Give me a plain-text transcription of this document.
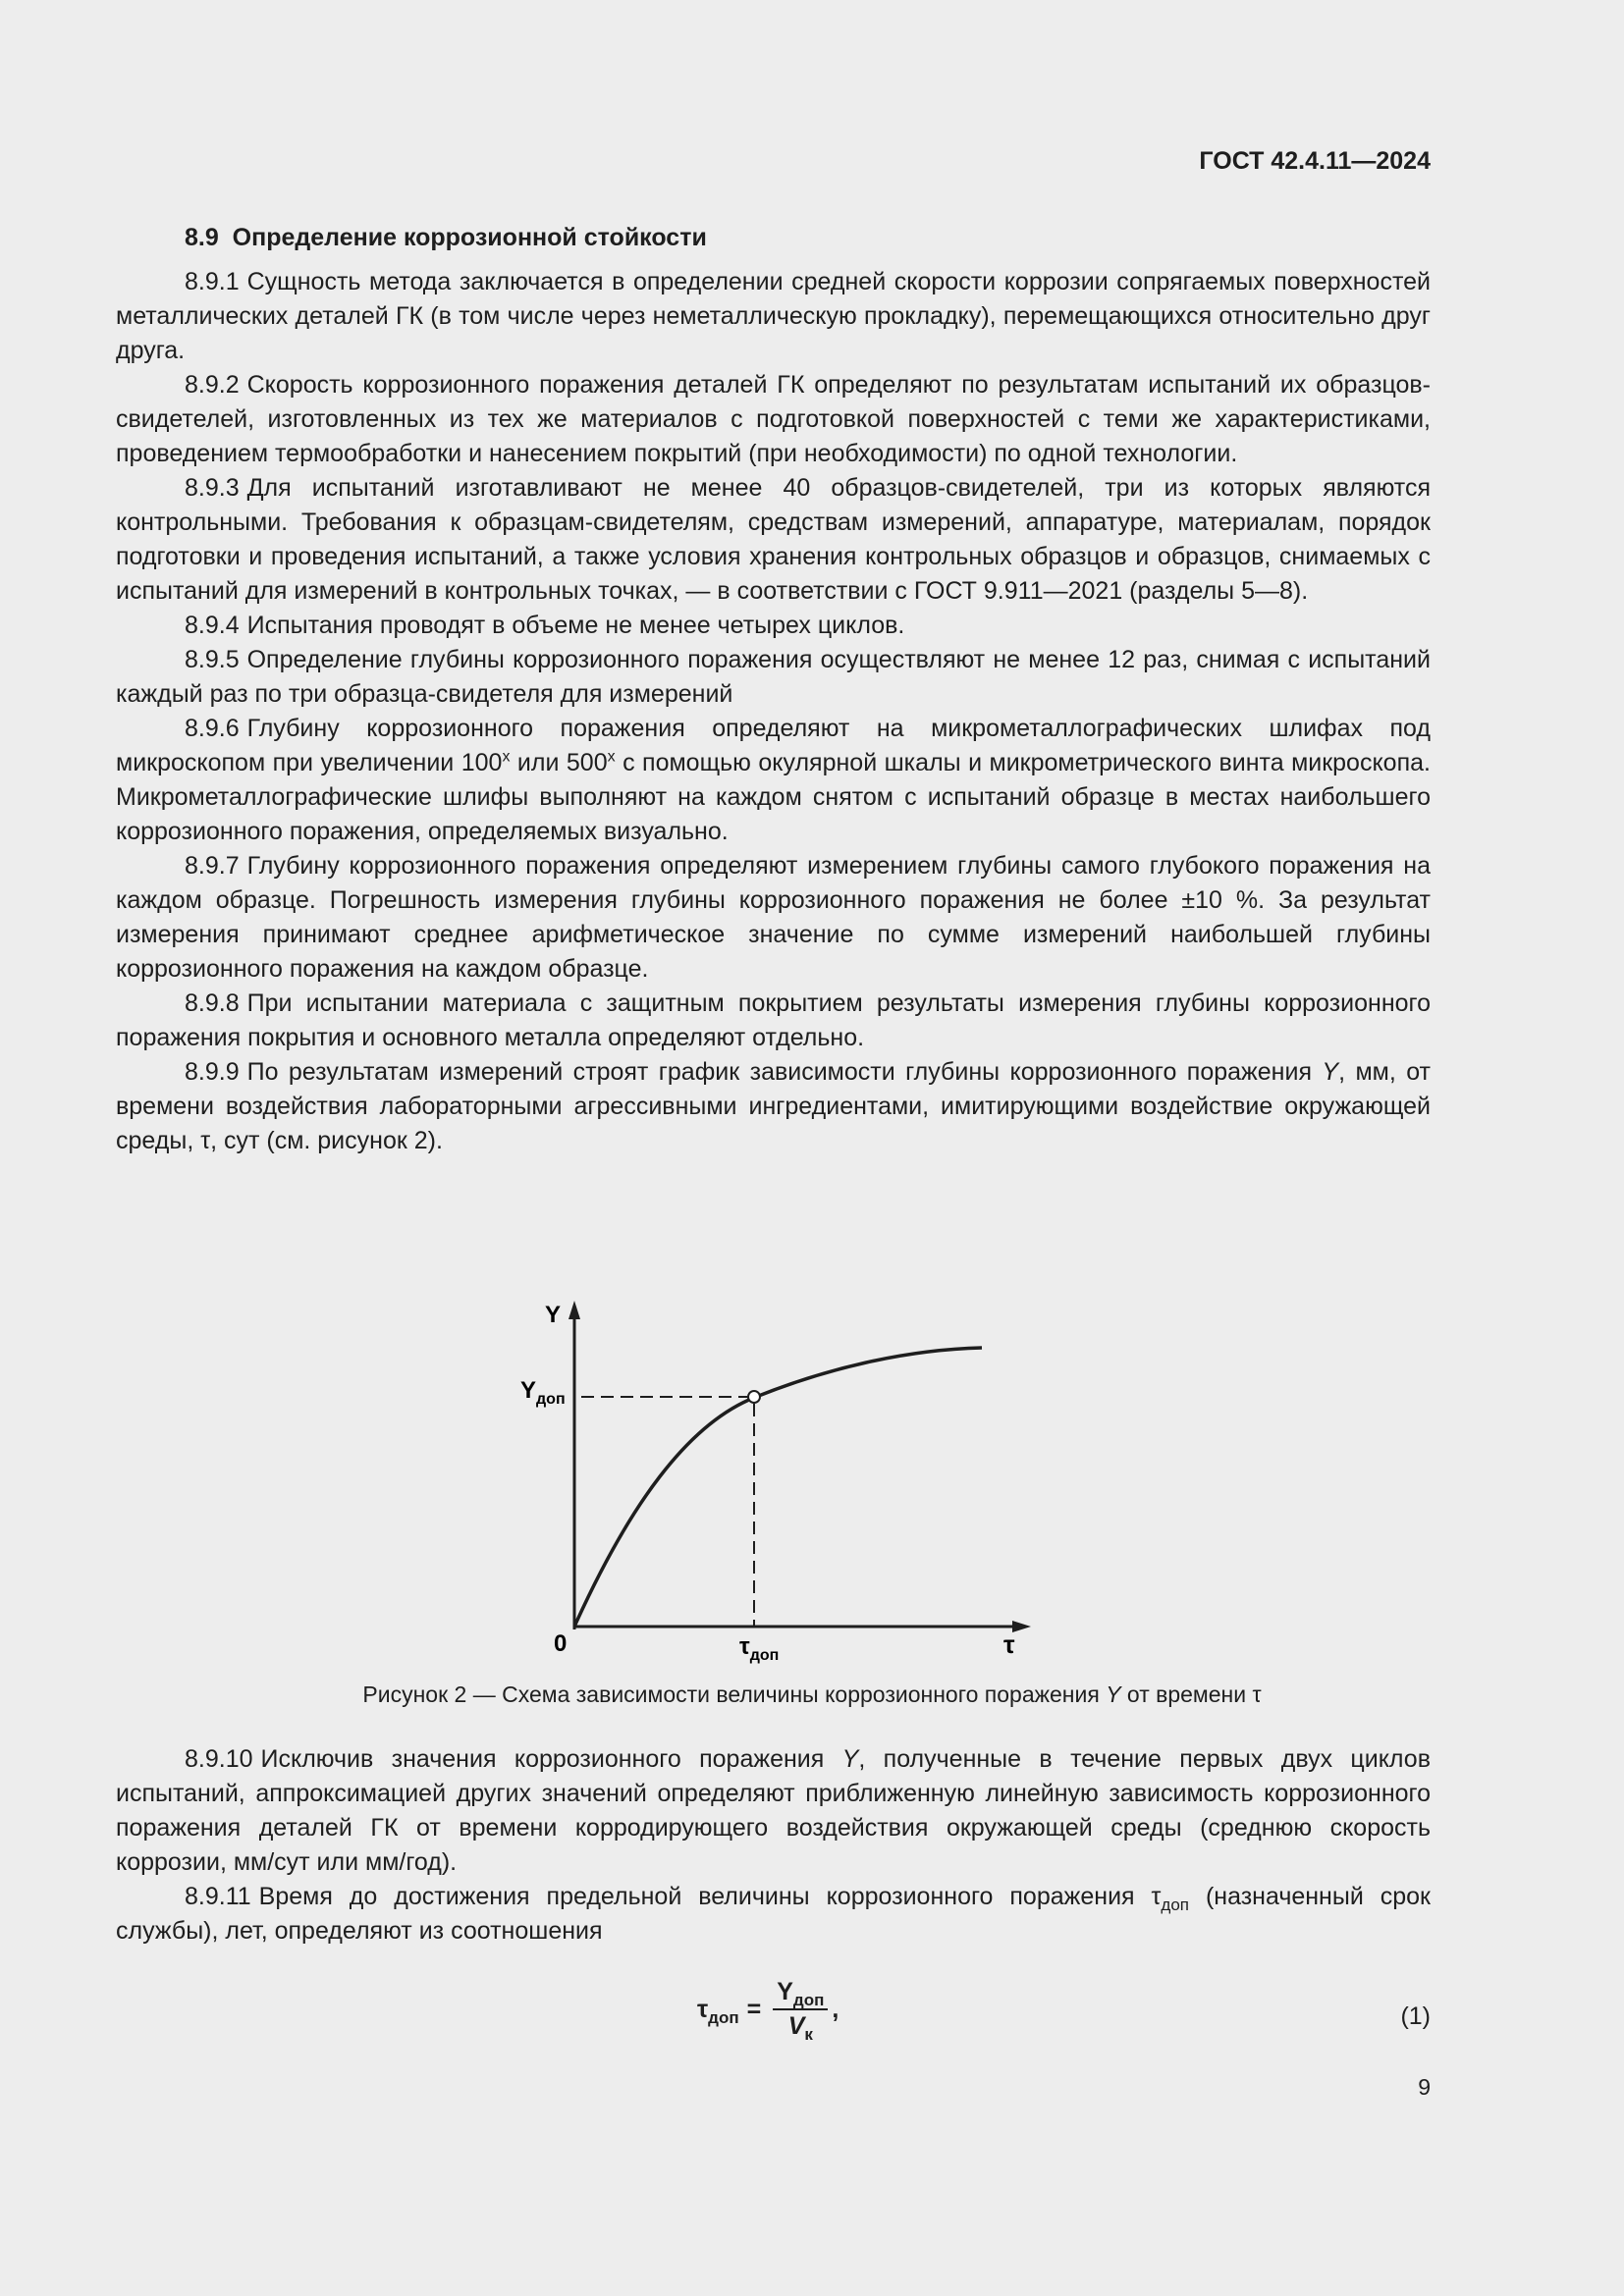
ГОСТ 42.4.11—2024
8.9 Определение коррозионной стойкости

8.9.1 Сущность метода заключается в определении средней скорости коррозии сопрягаемых поверхностей металлических деталей ГК (в том числе через неметаллическую прокладку), перемещающихся относительно друг друга.

8.9.2 Скорость коррозионного поражения деталей ГК определяют по результатам испытаний их образцов-свидетелей, изготовленных из тех же материалов с подготовкой поверхностей с теми же характеристиками, проведением термообработки и нанесением покрытий (при необходимости) по одной технологии.

8.9.3 Для испытаний изготавливают не менее 40 образцов-свидетелей, три из которых являются контрольными. Требования к образцам-свидетелям, средствам измерений, аппаратуре, материалам, порядок подготовки и проведения испытаний, а также условия хранения контрольных образцов и образцов, снимаемых с испытаний для измерений в контрольных точках, — в соответствии с ГОСТ 9.911—2021 (разделы 5—8).

8.9.4 Испытания проводят в объеме не менее четырех циклов.

8.9.5 Определение глубины коррозионного поражения осуществляют не менее 12 раз, снимая с испытаний каждый раз по три образца-свидетеля для измерений

8.9.6 Глубину коррозионного поражения определяют на микрометаллографических шлифах под микроскопом при увеличении $100^х$ или $500^х$ с помощью окулярной шкалы и микрометрического винта микроскопа. Микрометаллографические шлифы выполняют на каждом снятом с испытаний образце в местах наибольшего коррозионного поражения, определяемых визуально.

8.9.7 Глубину коррозионного поражения определяют измерением глубины самого глубокого поражения на каждом образце. Погрешность измерения глубины коррозионного поражения не более ±10 %. За результат измерения принимают среднее арифметическое значение по сумме измерений наибольшей глубины коррозионного поражения на каждом образце.

8.9.8 При испытании материала с защитным покрытием результаты измерения глубины коррозионного поражения покрытия и основного металла определяют отдельно.

8.9.9 По результатам измерений строят график зависимости глубины коррозионного поражения Y, мм, от времени воздействия лабораторными агрессивными ингредиентами, имитирующими воздействие окружающей среды, τ, сут (см. рисунок 2).

Y
$Y_{доп}$
0	$\tau_{доп}$	τ
Рисунок 2 — Схема зависимости величины коррозионного поражения Y от времени τ

8.9.10 Исключив значения коррозионного поражения Y, полученные в течение первых двух циклов испытаний, аппроксимацией других значений определяют приближенную линейную зависимость коррозионного поражения деталей ГК от времени корродирующего воздействия окружающей среды (среднюю скорость коррозии, мм/сут или мм/год).

8.9.11 Время до достижения предельной величины коррозионного поражения $\tau_{доп}$ (назначенный срок службы), лет, определяют из соотношения

$\tau_{доп} = \frac{Y_{доп}}{V_к}$ ,	(1)
9
